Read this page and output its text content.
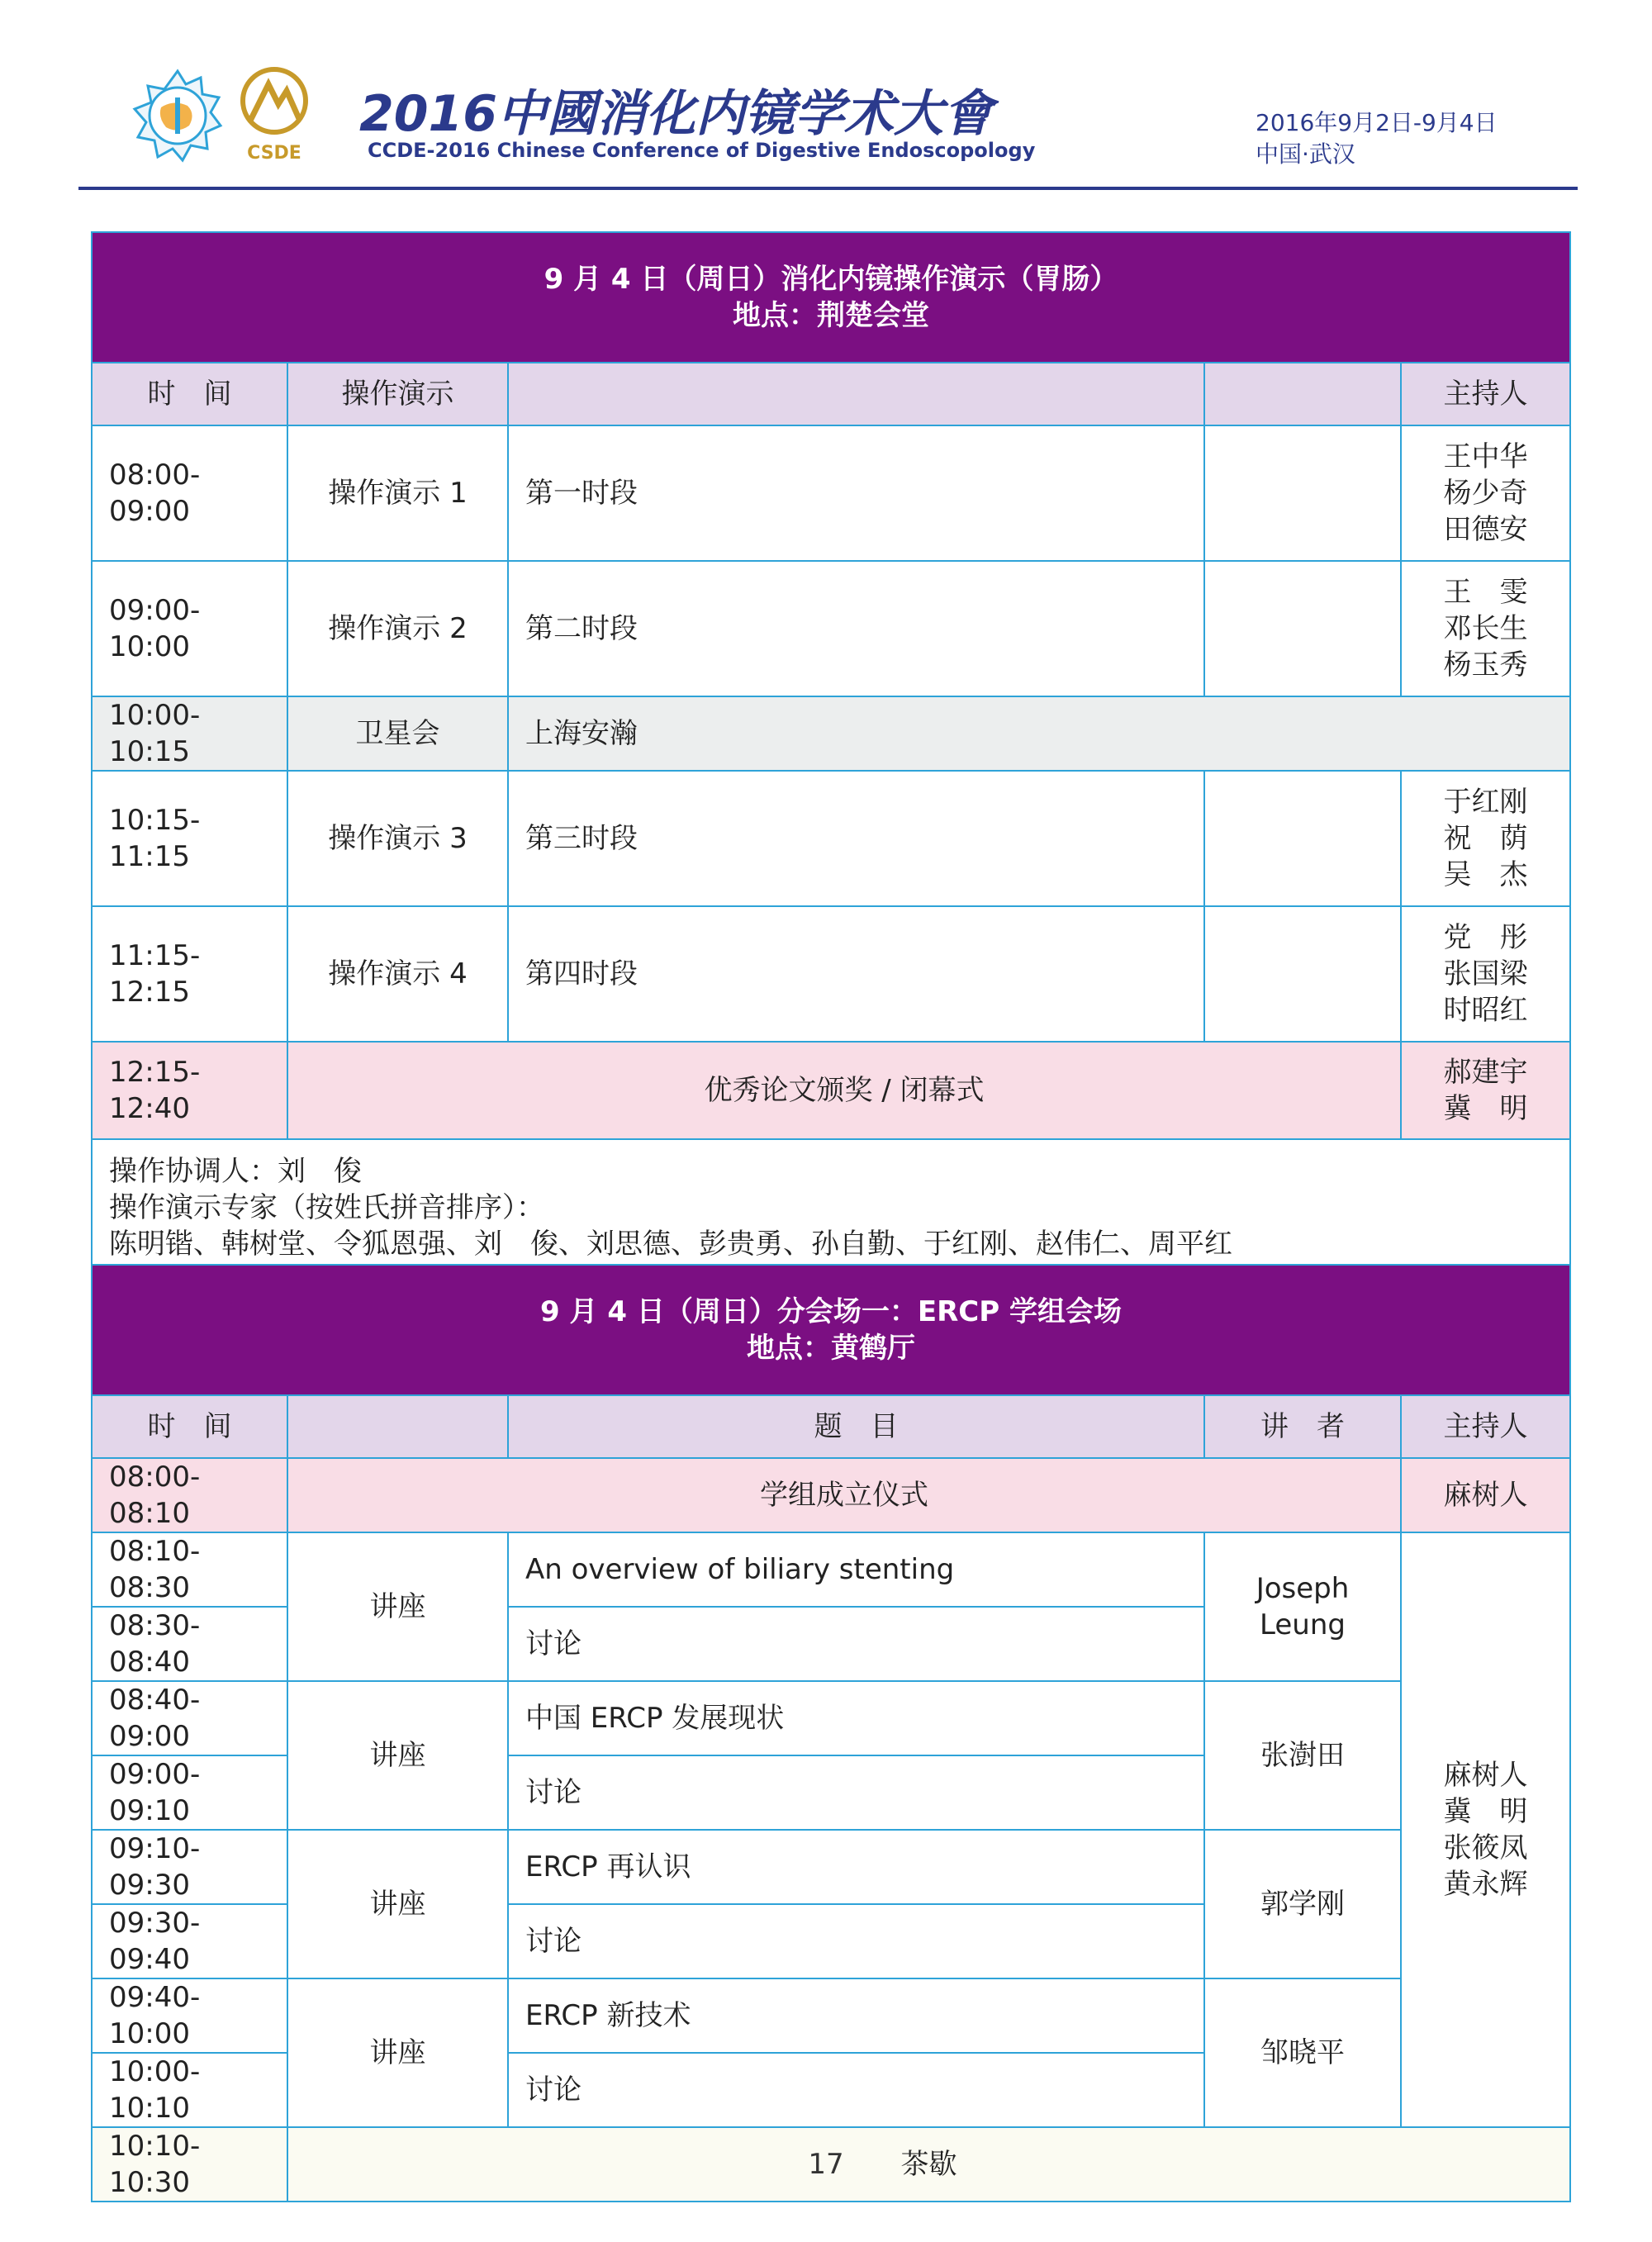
CSDE
2016中國消化内镜学术大會
CCDE-2016 Chinese Conference of Digestive Endoscopology
2016年9月2日-9月4日
中国·武汉
9 月 4 日（周日）消化内镜操作演示（胃肠）
地点：荆楚会堂				

时　间	操作演示			主持人
08:00-09:00	操作演示 1	第一时段		王中华
杨少奇
田德安

09:00-10:00	操作演示 2	第二时段		王　雯
邓长生
杨玉秀

10:00-10:15	卫星会	上海安瀚		
10:15-11:15	操作演示 3	第三时段		于红刚
祝　荫
吴　杰

11:15-12:15	操作演示 4	第四时段		党　彤
张国梁
时昭红

12:15-12:40	优秀论文颁奖 / 闭幕式			郝建宇
冀　明

操作协调人：刘　俊
操作演示专家（按姓氏拼音排序）：
陈明锴、韩树堂、令狐恩强、刘　俊、刘思德、彭贵勇、孙自勤、于红刚、赵伟仁、周平红				
9 月 4 日（周日）分会场一：ERCP 学组会场
地点：黄鹤厅				

时　间		题　目	讲　者	主持人
08:00-08:10	学组成立仪式			麻树人
08:10-08:30	讲座	An overview of biliary stenting	Joseph Leung	麻树人
冀　明
张筱凤
黄永辉

08:30-08:40		讨论		
08:40-09:00	讲座	中国 ERCP 发展现状	张澍田	
09:00-09:10		讨论		
09:10-09:30	讲座	ERCP 再认识	郭学刚	
09:30-09:40		讨论		
09:40-10:00	讲座	ERCP 新技术	邹晓平	
10:00-10:10		讨论		
10:10-10:30	茶歇			
17
